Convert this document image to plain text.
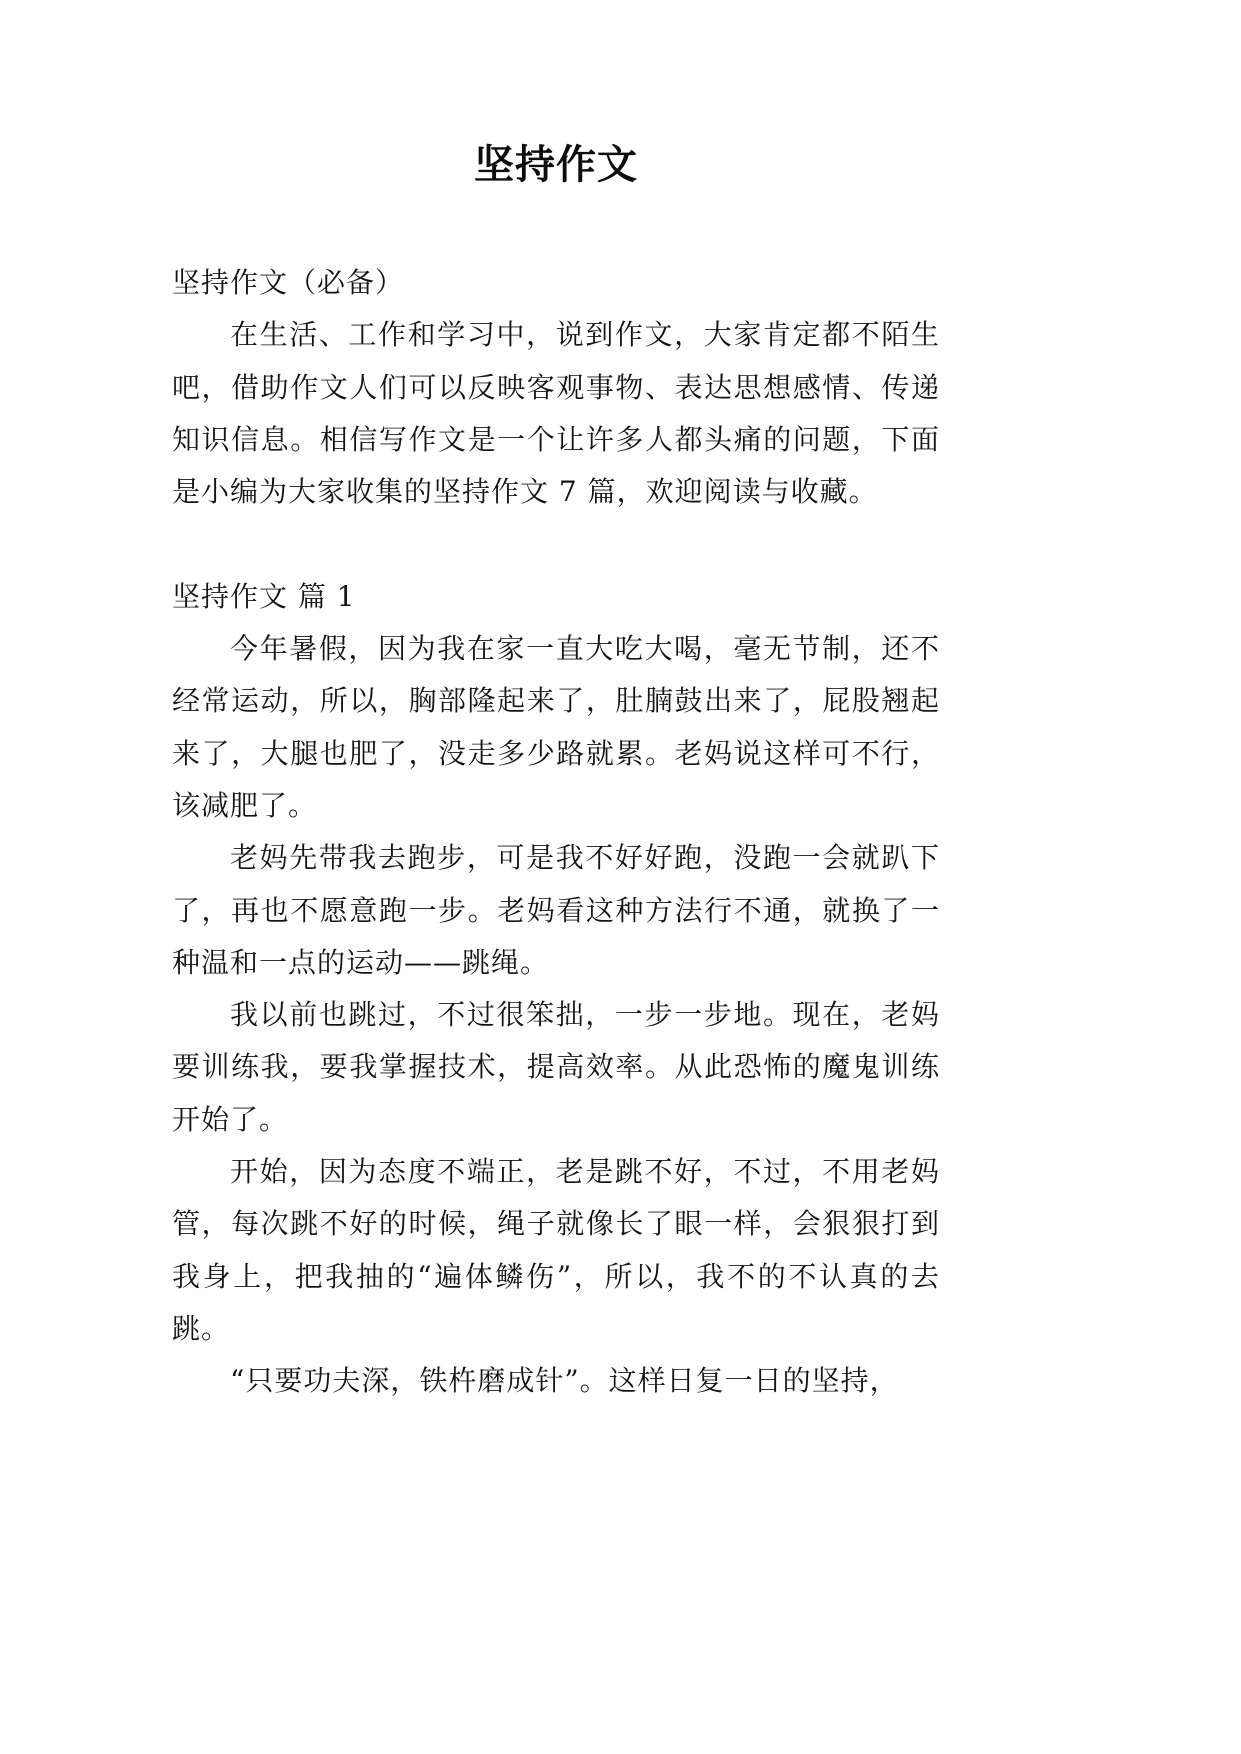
坚持作文
坚持作文（必备）
在生活、工作和学习中，说到作文，大家肯定都不陌生
吧，借助作文人们可以反映客观事物、表达思想感情、传递
知识信息。相信写作文是一个让许多人都头痛的问题，下面
是小编为大家收集的坚持作文 7 篇，欢迎阅读与收藏。
坚持作文 篇 1
今年暑假，因为我在家一直大吃大喝，毫无节制，还不
经常运动，所以，胸部隆起来了，肚腩鼓出来了，屁股翘起
来了，大腿也肥了，没走多少路就累。老妈说这样可不行，
该减肥了。
老妈先带我去跑步，可是我不好好跑，没跑一会就趴下
了，再也不愿意跑一步。老妈看这种方法行不通，就换了一
种温和一点的运动——跳绳。
我以前也跳过，不过很笨拙，一步一步地。现在，老妈
要训练我，要我掌握技术，提高效率。从此恐怖的魔鬼训练
开始了。
开始，因为态度不端正，老是跳不好，不过，不用老妈
管，每次跳不好的时候，绳子就像长了眼一样，会狠狠打到
我身上，把我抽的“遍体鳞伤”，所以，我不的不认真的去
跳。
“只要功夫深，铁杵磨成针”。这样日复一日的坚持，
